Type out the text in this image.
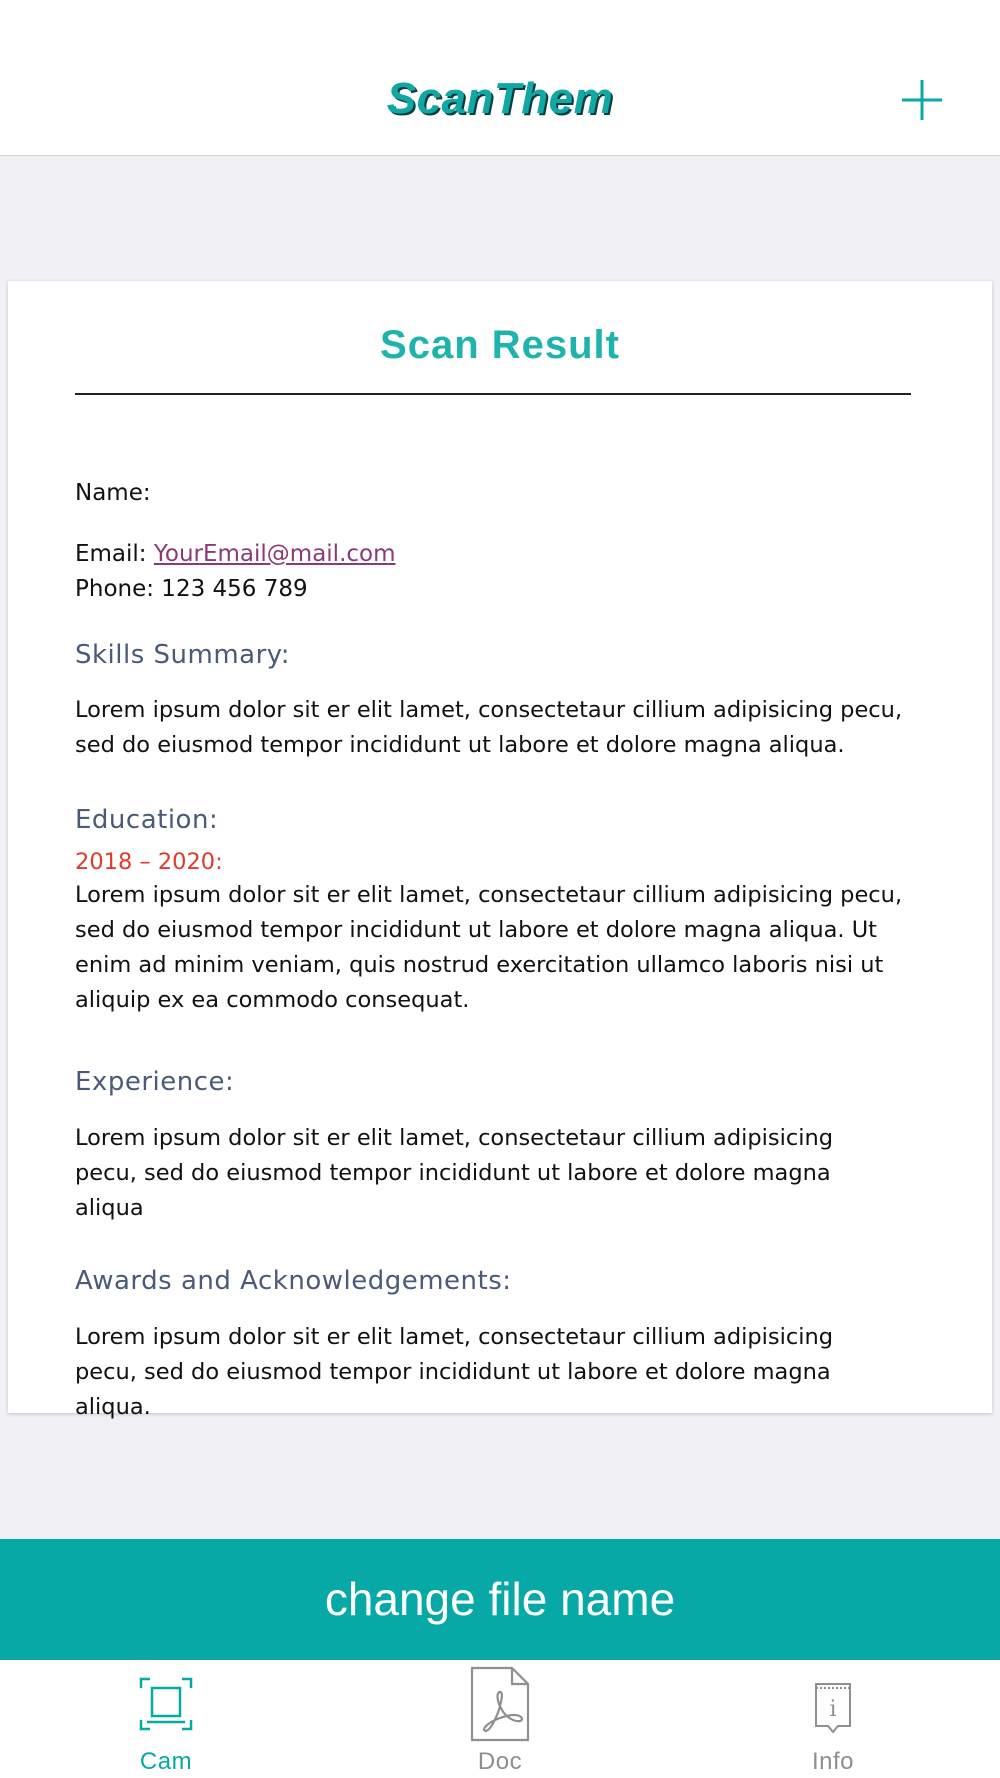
ScanThem
Scan Result
Name:
Email: YourEmail@mail.com
Phone: 123 456 789
Skills Summary:
Lorem ipsum dolor sit er elit lamet, consectetaur cillium adipisicing pecu,
sed do eiusmod tempor incididunt ut labore et dolore magna aliqua.
Education:
2018 – 2020:
Lorem ipsum dolor sit er elit lamet, consectetaur cillium adipisicing pecu,
sed do eiusmod tempor incididunt ut labore et dolore magna aliqua. Ut
enim ad minim veniam, quis nostrud exercitation ullamco laboris nisi ut
aliquip ex ea commodo consequat.
Experience:
Lorem ipsum dolor sit er elit lamet, consectetaur cillium adipisicing
pecu, sed do eiusmod tempor incididunt ut labore et dolore magna
aliqua
Awards and Acknowledgements:
Lorem ipsum dolor sit er elit lamet, consectetaur cillium adipisicing
pecu, sed do eiusmod tempor incididunt ut labore et dolore magna
aliqua.
change file name
Cam	Doc
i
Info
